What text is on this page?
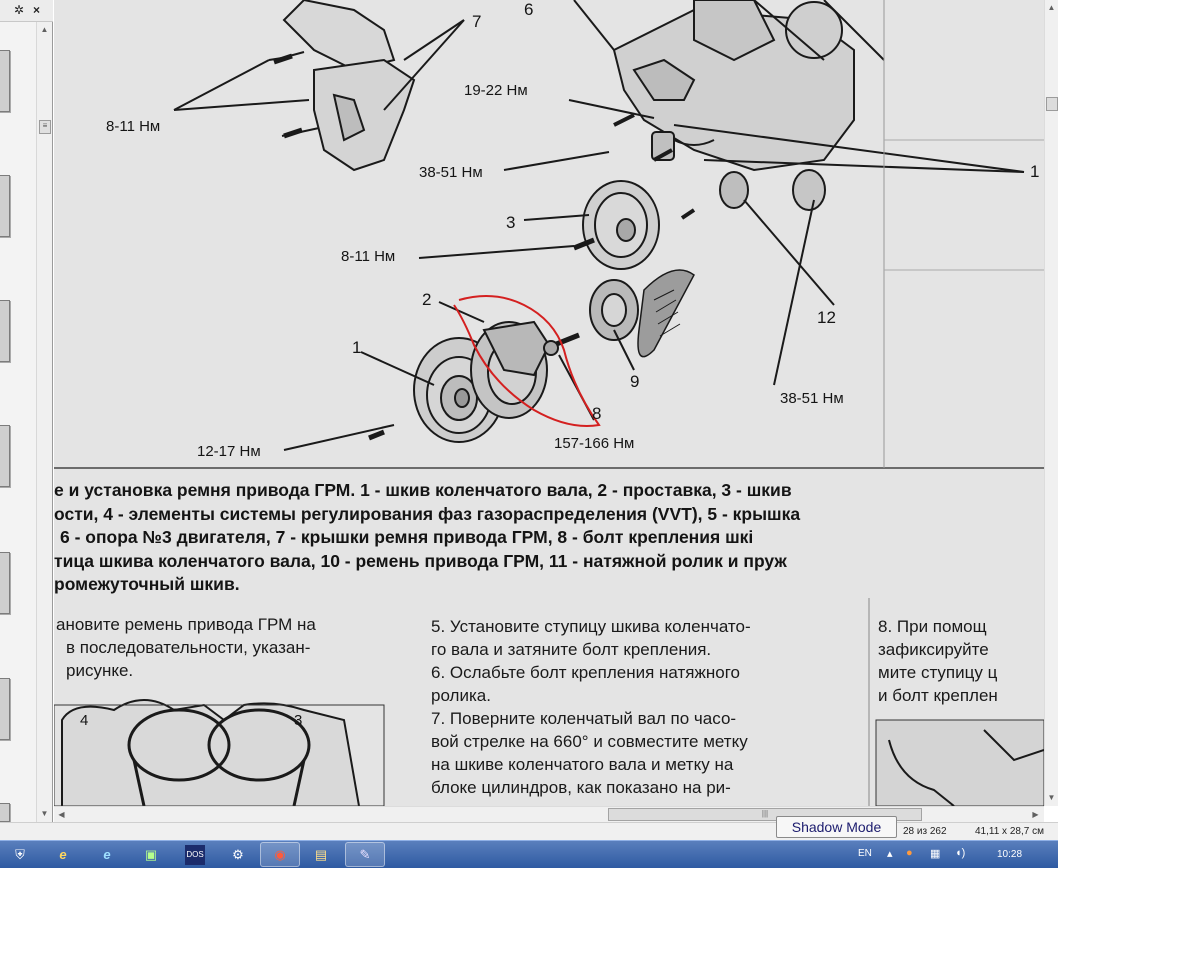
✲ ×
▲
≡
▼
8-11 Нм
19-22 Нм
38-51 Нм
8-11 Нм
12-17 Нм	157-166 Нм
38-51 Нм
7
6
3
2
1
9
8
12
1
е и установка ремня привода ГРМ. 1 - шкив коленчатого вала, 2 - проставка, 3 - шкив
ости, 4 - элементы системы регулирования фаз газораспределения (VVT), 5 - крышка
6 - опора №3 двигателя, 7 - крышки ремня привода ГРМ, 8 - болт крепления шкі
тица шкива коленчатого вала, 10 - ремень привода ГРМ, 11 - натяжной ролик и пруж
ромежуточный шкив.
ановите ремень привода ГРМ на
в последовательности, указан-
рисунке.
5. Установите ступицу шкива коленчато-
го вала и затяните болт крепления.
6. Ослабьте болт крепления натяжного
ролика.
7. Поверните коленчатый вал по часо-
вой стрелке на 660° и совместите метку
на шкиве коленчатого вала и метку на
блоке цилиндров, как показано на ри-
8. При помощ
зафиксируйте
мите ступицу ц
и болт креплен
4	3
▲
▼
◀	|||	▶
28 из 262	41,11 x 28,7 см
Shadow Mode
⛨	e	e	▣	DOS	⚙	◉	▤	✎	EN ▴ ● ▦ ◖)	10:28
